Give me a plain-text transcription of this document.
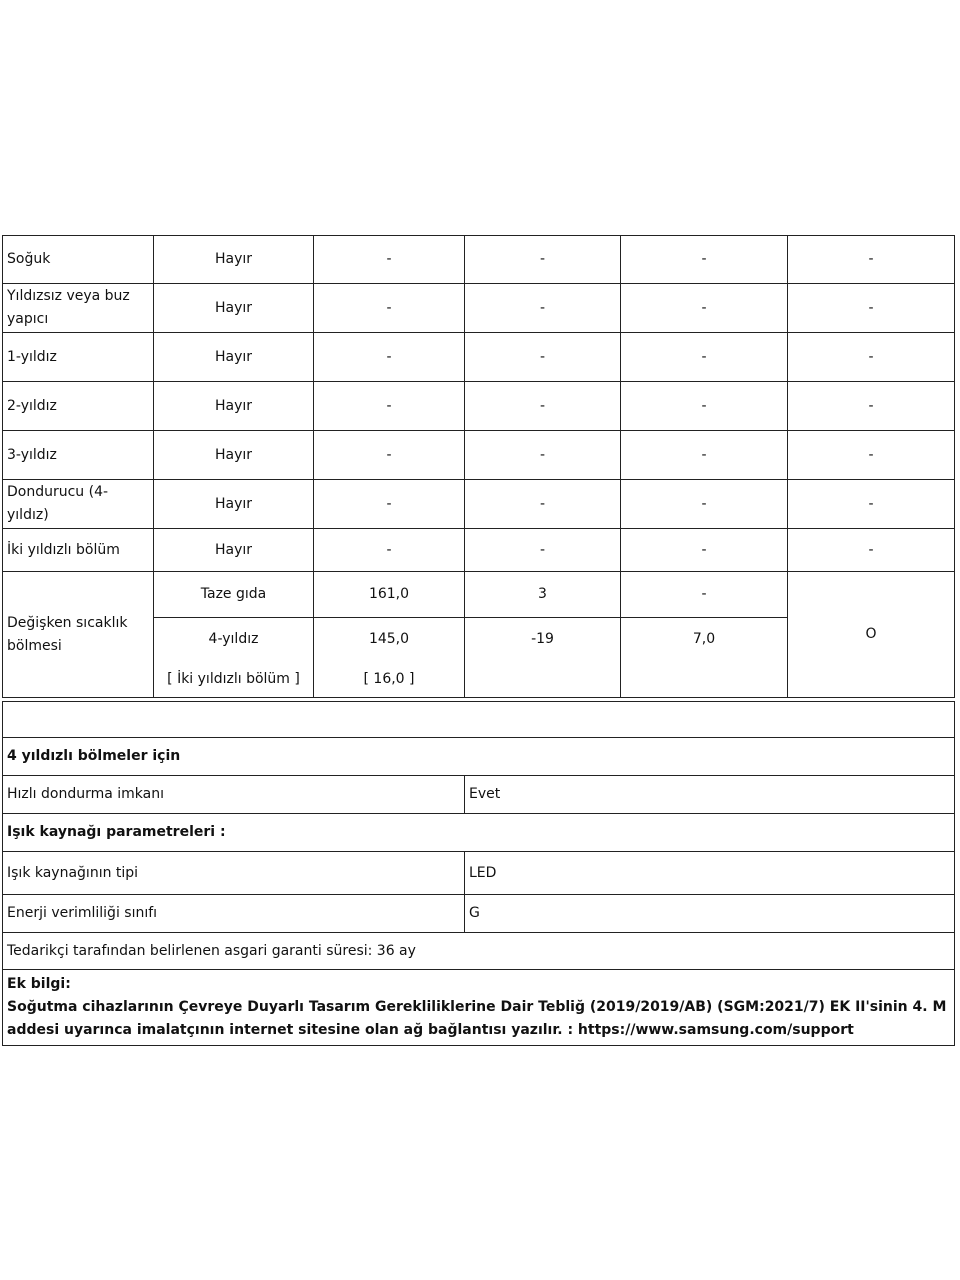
Soğuk	Hayır	-	-	-	-
Yıldızsız veya buz yapıcı	Hayır	-	-	-	-
1-yıldız	Hayır	-	-	-	-
2-yıldız	Hayır	-	-	-	-
3-yıldız	Hayır	-	-	-	-
Dondurucu (4-yıldız)	Hayır	-	-	-	-
İki yıldızlı bölüm	Hayır	-	-	-	-
Değişken sıcaklık bölmesi	Taze gıda	161,0	3	-	O
	4-yıldız	145,0	-19	7,0	
	[ İki yıldızlı bölüm ]	[ 16,0 ]			

4 yıldızlı bölmeler için	
Hızlı dondurma imkanı	Evet
Işık kaynağı parametreleri :	
Işık kaynağının tipi	LED
Enerji verimliliği sınıfı	G
Tedarikçi tarafından belirlenen asgari garanti süresi: 36 ay	

Ek bilgi:
Soğutma cihazlarının Çevreye Duyarlı Tasarım Gerekliliklerine Dair Tebliğ (2019/2019/AB) (SGM:2021/7) EK II'sinin 4. Maddesi uyarınca imalatçının internet sitesine olan ağ bağlantısı yazılır. : https://www.samsung.com/support	
